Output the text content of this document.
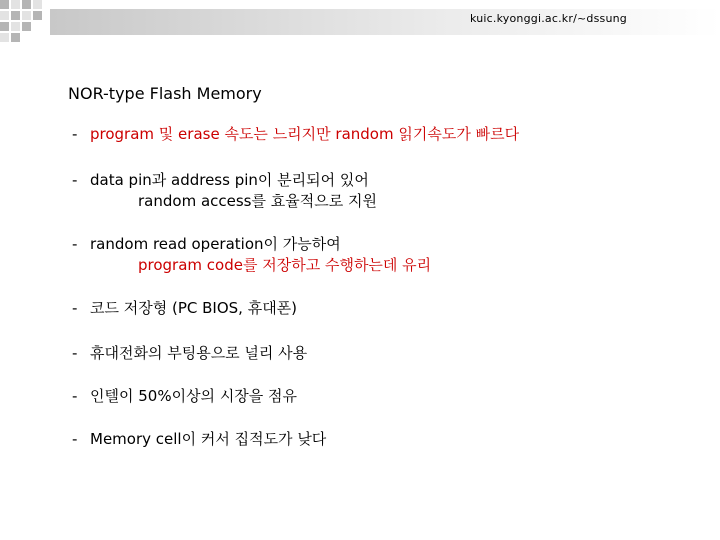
kuic.kyonggi.ac.kr/~dssung
NOR-type Flash Memory
- program 및 erase 속도는 느리지만 random 읽기속도가 빠르다
- data pin과 address pin이 분리되어 있어
random access를 효율적으로 지원
- random read operation이 가능하여
program code를 저장하고 수행하는데 유리
- 코드 저장형 (PC BIOS, 휴대폰)
- 휴대전화의 부팅용으로 널리 사용
- 인텔이 50%이상의 시장을 점유
- Memory cell이 커서 집적도가 낮다
